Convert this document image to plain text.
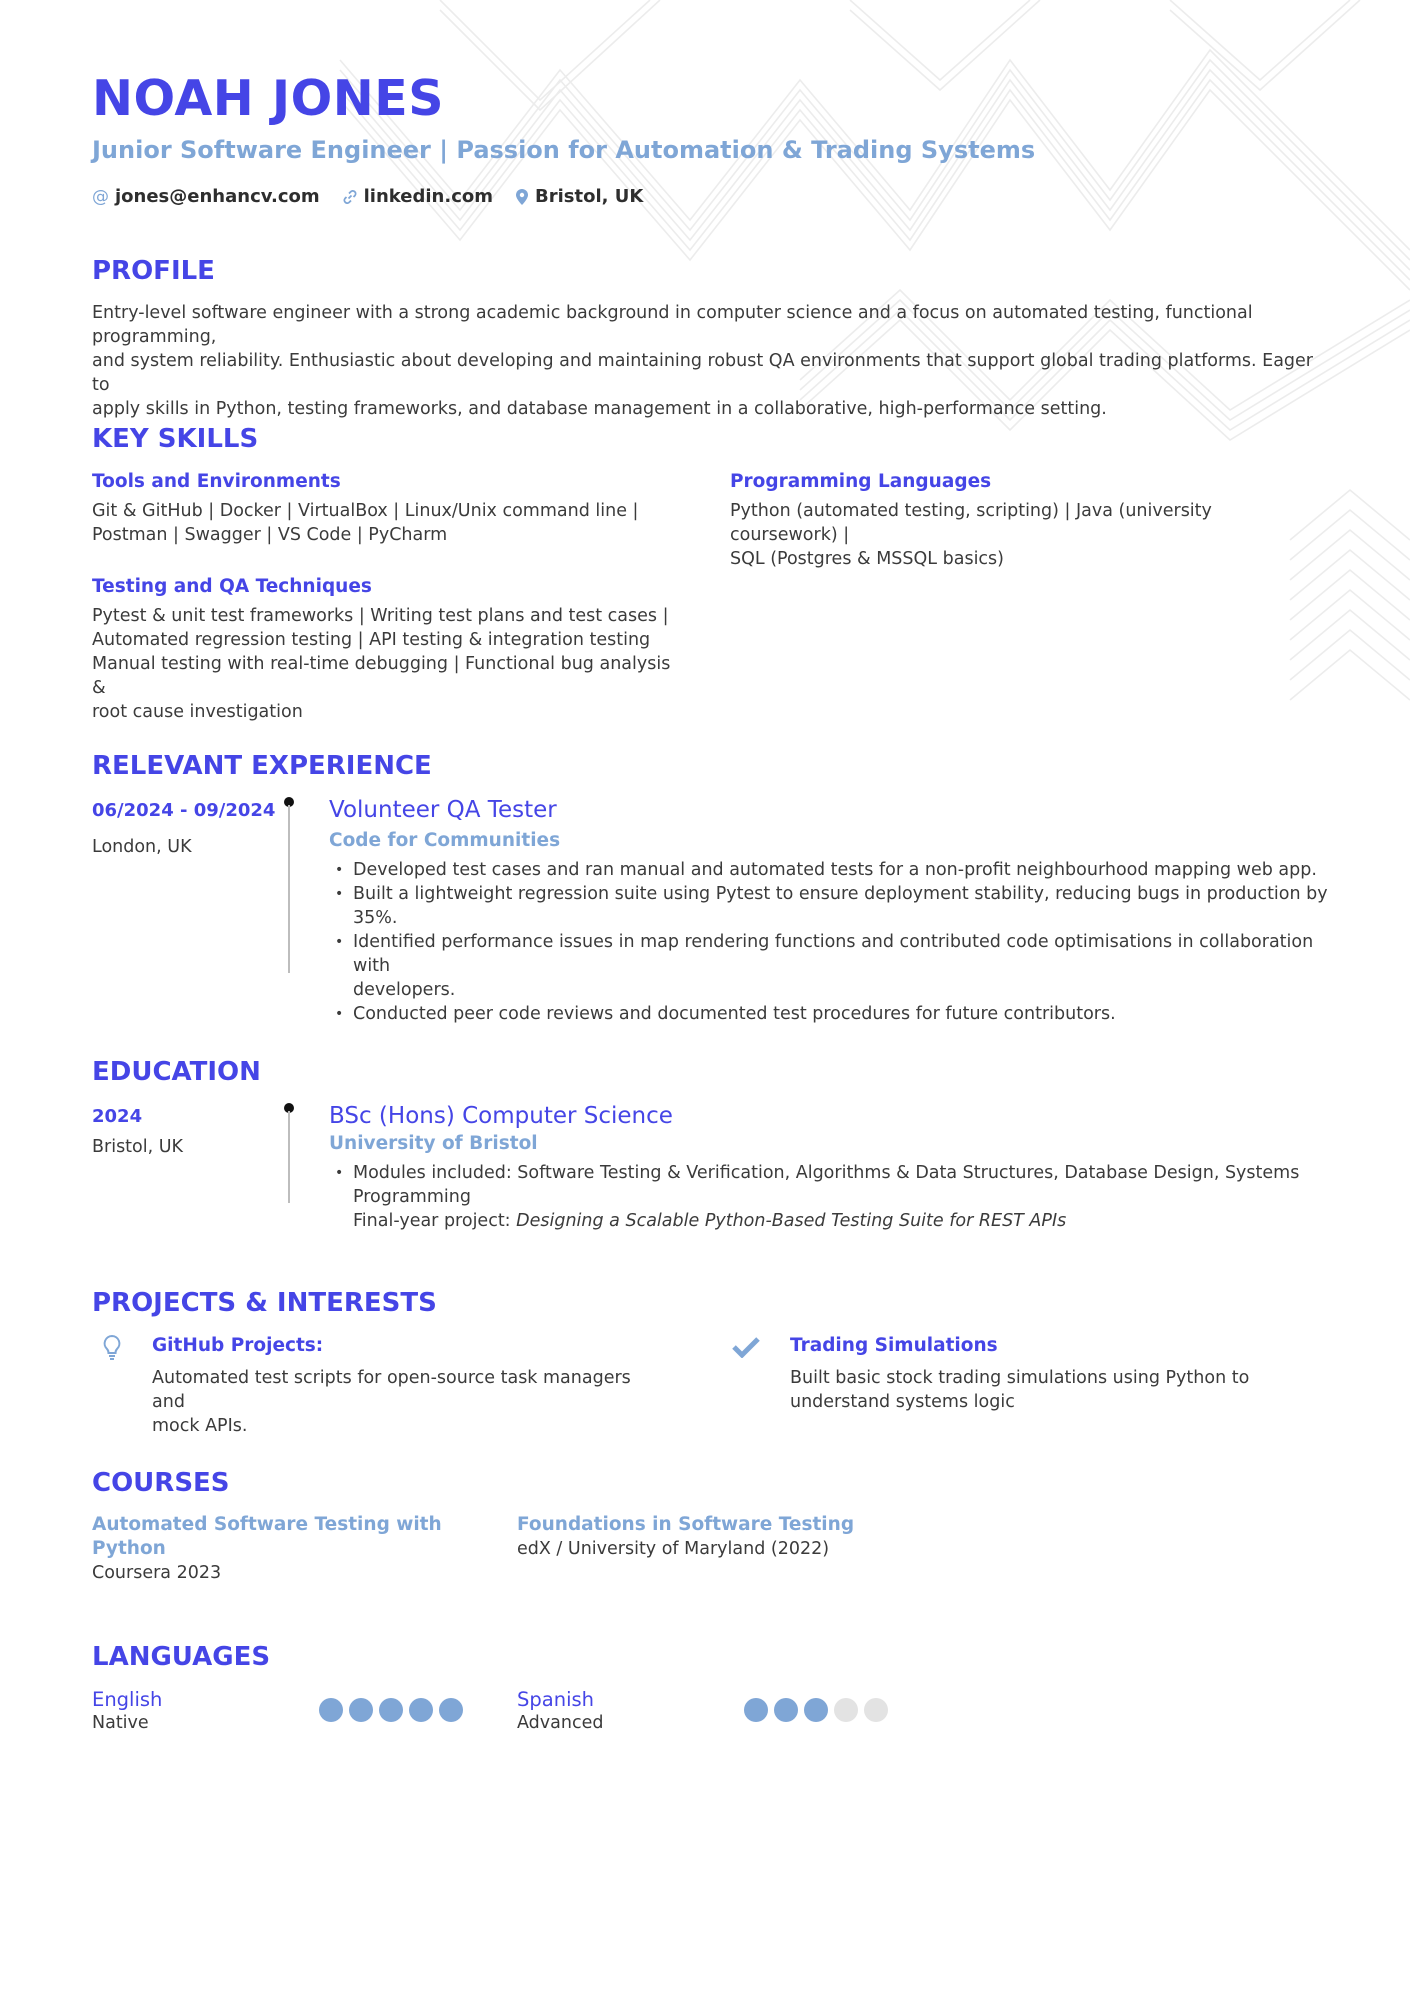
NOAH JONES
Junior Software Engineer | Passion for Automation & Trading Systems
@ jones@enhancv.com linkedin.com Bristol, UK
PROFILE
Entry-level software engineer with a strong academic background in computer science and a focus on automated testing, functional programming,
and system reliability. Enthusiastic about developing and maintaining robust QA environments that support global trading platforms. Eager to
apply skills in Python, testing frameworks, and database management in a collaborative, high-performance setting.
KEY SKILLS
Tools and Environments
Git & GitHub | Docker | VirtualBox | Linux/Unix command line |
Postman | Swagger | VS Code | PyCharm
Programming Languages
Python (automated testing, scripting) | Java (university coursework) |
SQL (Postgres & MSSQL basics)
Testing and QA Techniques
Pytest & unit test frameworks | Writing test plans and test cases |
Automated regression testing | API testing & integration testing
Manual testing with real-time debugging | Functional bug analysis &
root cause investigation
RELEVANT EXPERIENCE
06/2024 - 09/2024
London, UK
Volunteer QA Tester
Code for Communities
• Developed test cases and ran manual and automated tests for a non-profit neighbourhood mapping web app.
• Built a lightweight regression suite using Pytest to ensure deployment stability, reducing bugs in production by
35%.
• Identified performance issues in map rendering functions and contributed code optimisations in collaboration with
developers.
• Conducted peer code reviews and documented test procedures for future contributors.
EDUCATION
2024
Bristol, UK
BSc (Hons) Computer Science
University of Bristol
• Modules included: Software Testing & Verification, Algorithms & Data Structures, Database Design, Systems
Programming
Final-year project: Designing a Scalable Python-Based Testing Suite for REST APIs
PROJECTS & INTERESTS
GitHub Projects:
Automated test scripts for open-source task managers and
mock APIs.
Trading Simulations
Built basic stock trading simulations using Python to
understand systems logic
COURSES
Automated Software Testing with
Python
Coursera 2023
Foundations in Software Testing
edX / University of Maryland (2022)
LANGUAGES
English
Native
Spanish
Advanced
